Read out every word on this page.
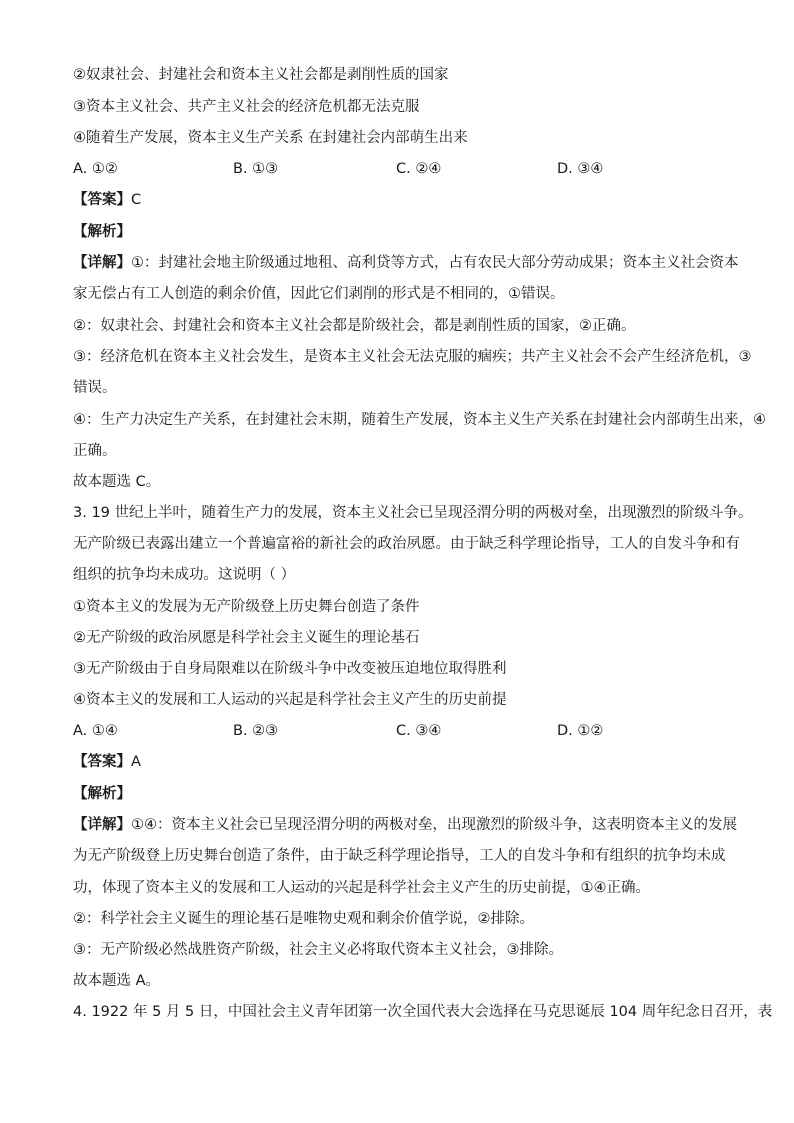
②奴隶社会、封建社会和资本主义社会都是剥削性质的国家
③资本主义社会、共产主义社会的经济危机都无法克服
④随着生产发展，资本主义生产关系 在封建社会内部萌生出来
A. ①②	B. ①③	C. ②④	D. ③④
【答案】C
【解析】
【详解】①：封建社会地主阶级通过地租、高利贷等方式，占有农民大部分劳动成果；资本主义社会资本
家无偿占有工人创造的剩余价值，因此它们剥削的形式是不相同的，①错误。
②：奴隶社会、封建社会和资本主义社会都是阶级社会，都是剥削性质的国家，②正确。
③：经济危机在资本主义社会发生，是资本主义社会无法克服的痼疾；共产主义社会不会产生经济危机，③
错误。
④：生产力决定生产关系，在封建社会末期，随着生产发展，资本主义生产关系在封建社会内部萌生出来，④
正确。
故本题选 C。
3. 19 世纪上半叶，随着生产力的发展，资本主义社会已呈现泾渭分明的两极对垒，出现激烈的阶级斗争。
无产阶级已表露出建立一个普遍富裕的新社会的政治夙愿。由于缺乏科学理论指导，工人的自发斗争和有
组织的抗争均未成功。这说明（ ）
①资本主义的发展为无产阶级登上历史舞台创造了条件
②无产阶级的政治夙愿是科学社会主义诞生的理论基石
③无产阶级由于自身局限难以在阶级斗争中改变被压迫地位取得胜利
④资本主义的发展和工人运动的兴起是科学社会主义产生的历史前提
A. ①④	B. ②③	C. ③④	D. ①②
【答案】A
【解析】
【详解】①④：资本主义社会已呈现泾渭分明的两极对垒，出现激烈的阶级斗争，这表明资本主义的发展
为无产阶级登上历史舞台创造了条件，由于缺乏科学理论指导，工人的自发斗争和有组织的抗争均未成
功，体现了资本主义的发展和工人运动的兴起是科学社会主义产生的历史前提，①④正确。
②：科学社会主义诞生的理论基石是唯物史观和剩余价值学说，②排除。
③：无产阶级必然战胜资产阶级，社会主义必将取代资本主义社会，③排除。
故本题选 A。
4. 1922 年 5 月 5 日，中国社会主义青年团第一次全国代表大会选择在马克思诞辰 104 周年纪念日召开，表
